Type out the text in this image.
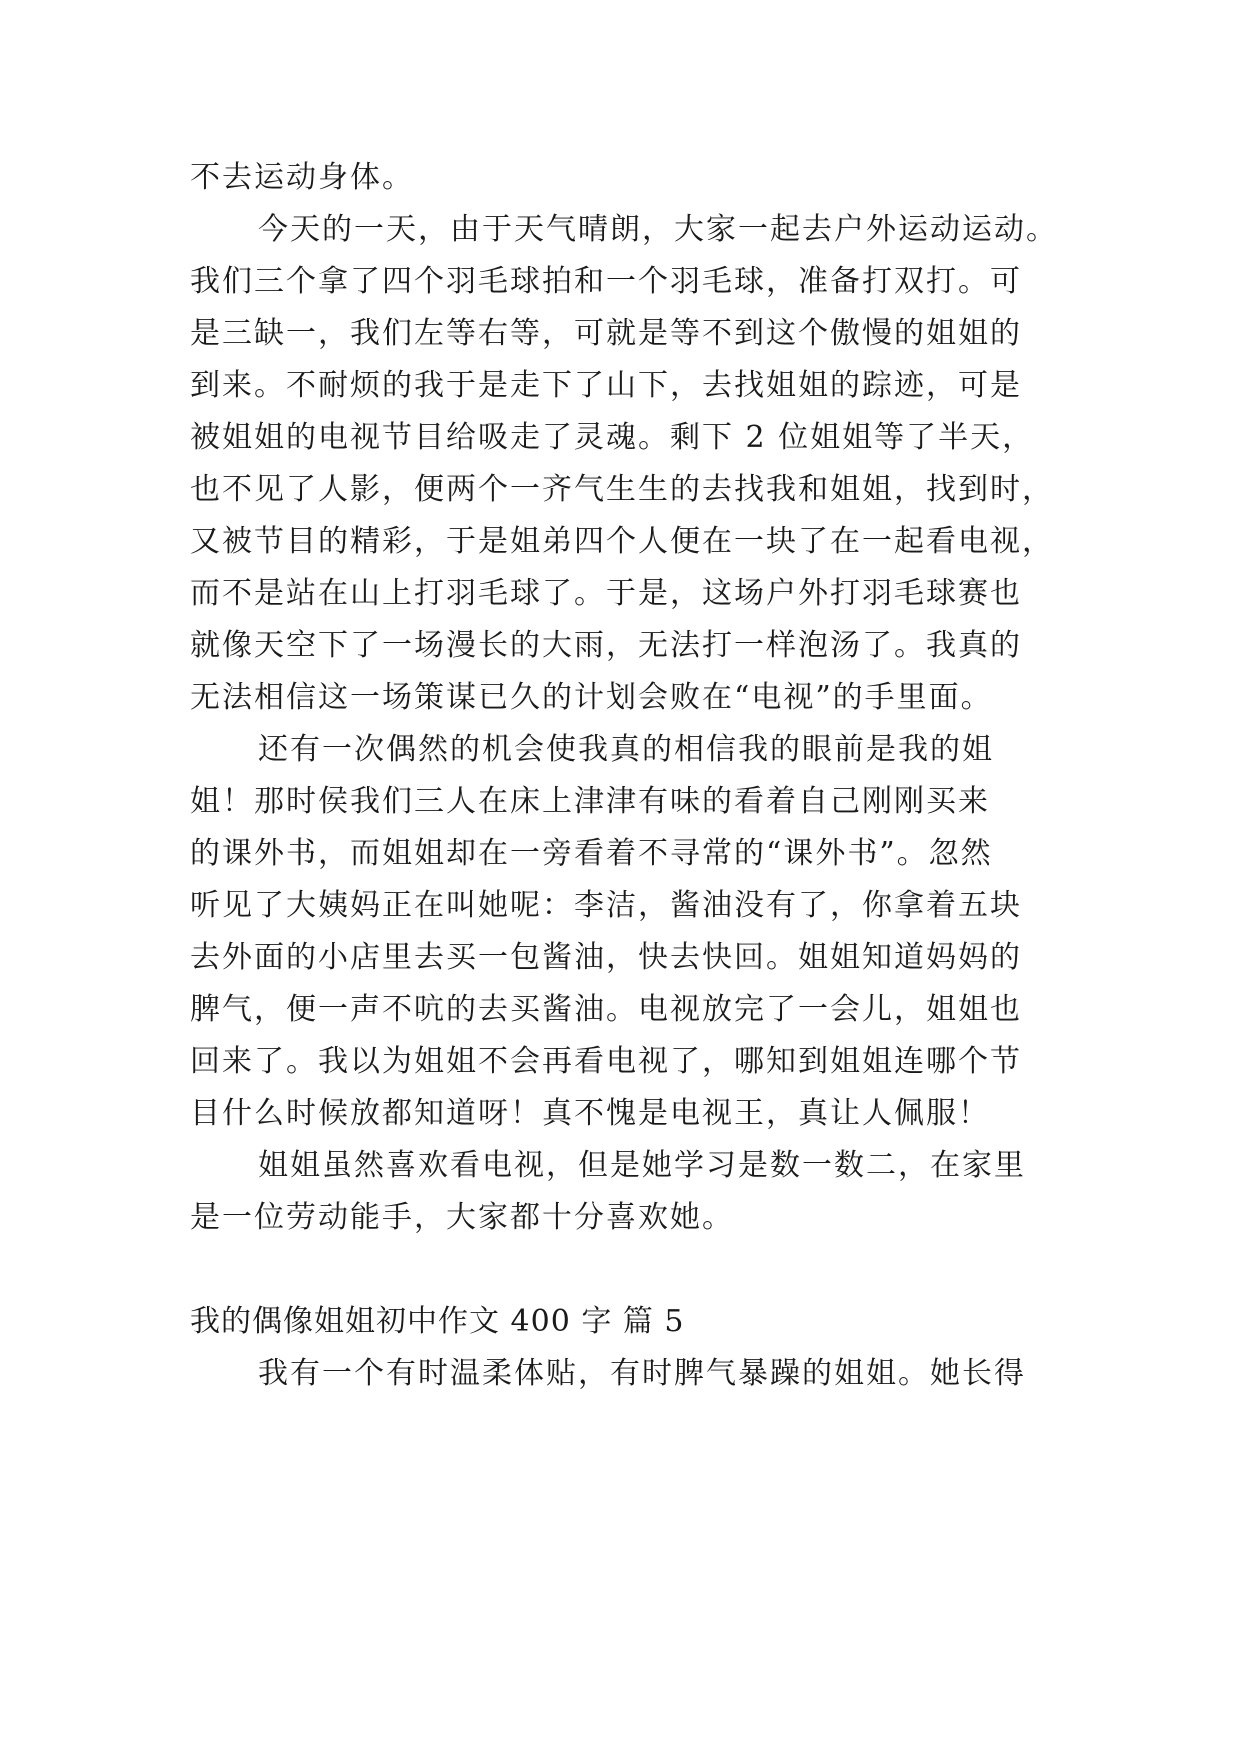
不去运动身体。
今天的一天，由于天气晴朗，大家一起去户外运动运动。
我们三个拿了四个羽毛球拍和一个羽毛球，准备打双打。可
是三缺一，我们左等右等，可就是等不到这个傲慢的姐姐的
到来。不耐烦的我于是走下了山下，去找姐姐的踪迹，可是
被姐姐的电视节目给吸走了灵魂。剩下 2 位姐姐等了半天，
也不见了人影，便两个一齐气生生的去找我和姐姐，找到时，
又被节目的精彩，于是姐弟四个人便在一块了在一起看电视，
而不是站在山上打羽毛球了。于是，这场户外打羽毛球赛也
就像天空下了一场漫长的大雨，无法打一样泡汤了。我真的
无法相信这一场策谋已久的计划会败在“电视”的手里面。
还有一次偶然的机会使我真的相信我的眼前是我的姐
姐！那时侯我们三人在床上津津有味的看着自己刚刚买来
的课外书，而姐姐却在一旁看着不寻常的“课外书”。忽然
听见了大姨妈正在叫她呢：李洁，酱油没有了，你拿着五块
去外面的小店里去买一包酱油，快去快回。姐姐知道妈妈的
脾气，便一声不吭的去买酱油。电视放完了一会儿，姐姐也
回来了。我以为姐姐不会再看电视了，哪知到姐姐连哪个节
目什么时候放都知道呀！真不愧是电视王，真让人佩服！
姐姐虽然喜欢看电视，但是她学习是数一数二，在家里
是一位劳动能手，大家都十分喜欢她。
我的偶像姐姐初中作文 400 字 篇 5
我有一个有时温柔体贴，有时脾气暴躁的姐姐。她长得
